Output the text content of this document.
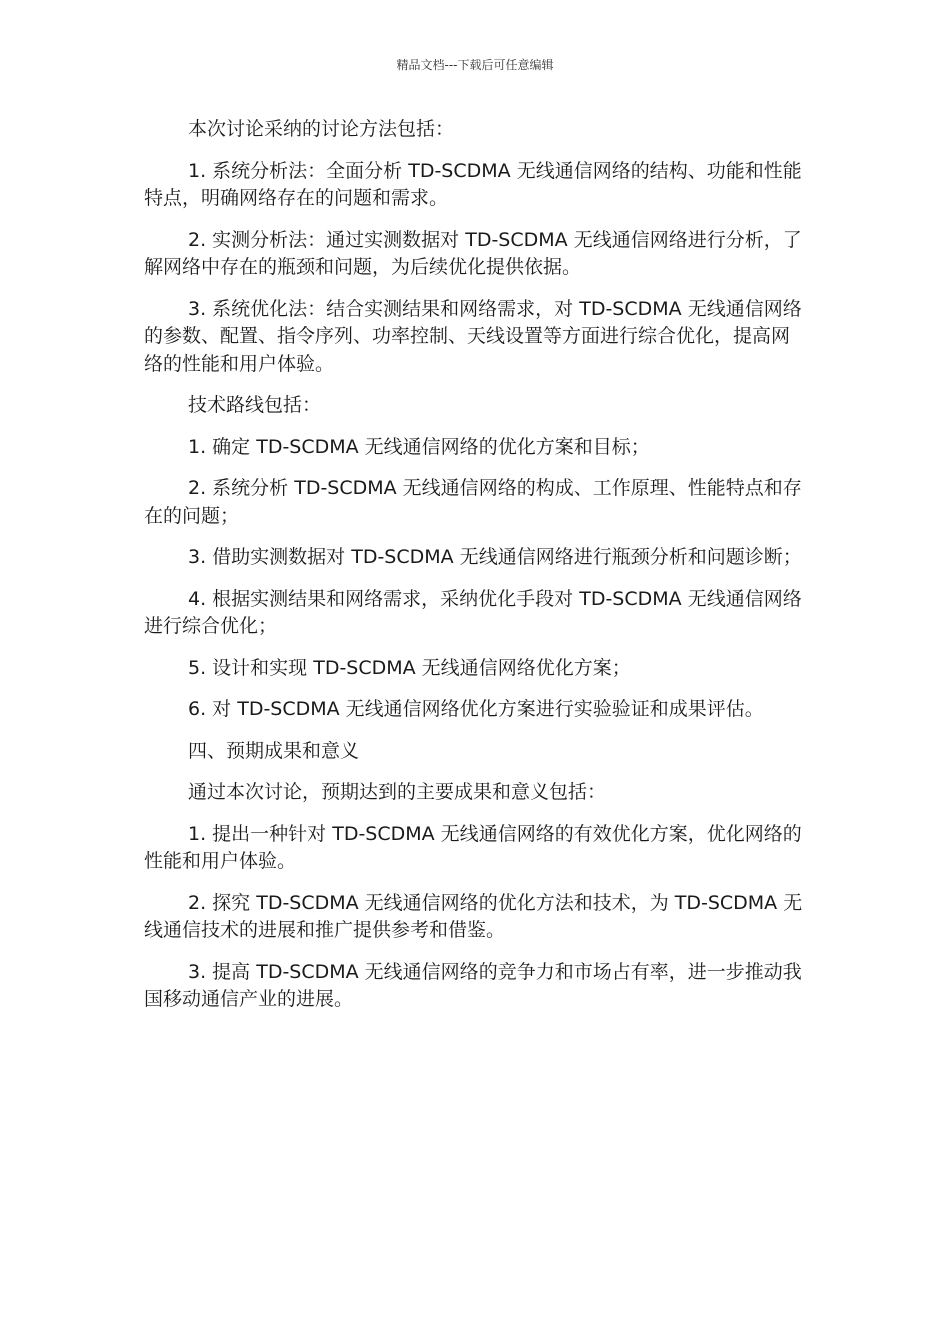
精品文档---下载后可任意编辑

本次讨论采纳的讨论方法包括：

1. 系统分析法：全面分析 TD-SCDMA 无线通信网络的结构、功能和性能特点，明确网络存在的问题和需求。

2. 实测分析法：通过实测数据对 TD-SCDMA 无线通信网络进行分析，了解网络中存在的瓶颈和问题，为后续优化提供依据。

3. 系统优化法：结合实测结果和网络需求，对 TD-SCDMA 无线通信网络的参数、配置、指令序列、功率控制、天线设置等方面进行综合优化，提高网络的性能和用户体验。

技术路线包括：

1. 确定 TD-SCDMA 无线通信网络的优化方案和目标；

2. 系统分析 TD-SCDMA 无线通信网络的构成、工作原理、性能特点和存在的问题；

3. 借助实测数据对 TD-SCDMA 无线通信网络进行瓶颈分析和问题诊断；

4. 根据实测结果和网络需求，采纳优化手段对 TD-SCDMA 无线通信网络进行综合优化；

5. 设计和实现 TD-SCDMA 无线通信网络优化方案；

6. 对 TD-SCDMA 无线通信网络优化方案进行实验验证和成果评估。

四、预期成果和意义

通过本次讨论，预期达到的主要成果和意义包括：

1. 提出一种针对 TD-SCDMA 无线通信网络的有效优化方案，优化网络的性能和用户体验。

2. 探究 TD-SCDMA 无线通信网络的优化方法和技术，为 TD-SCDMA 无线通信技术的进展和推广提供参考和借鉴。

3. 提高 TD-SCDMA 无线通信网络的竞争力和市场占有率，进一步推动我国移动通信产业的进展。
